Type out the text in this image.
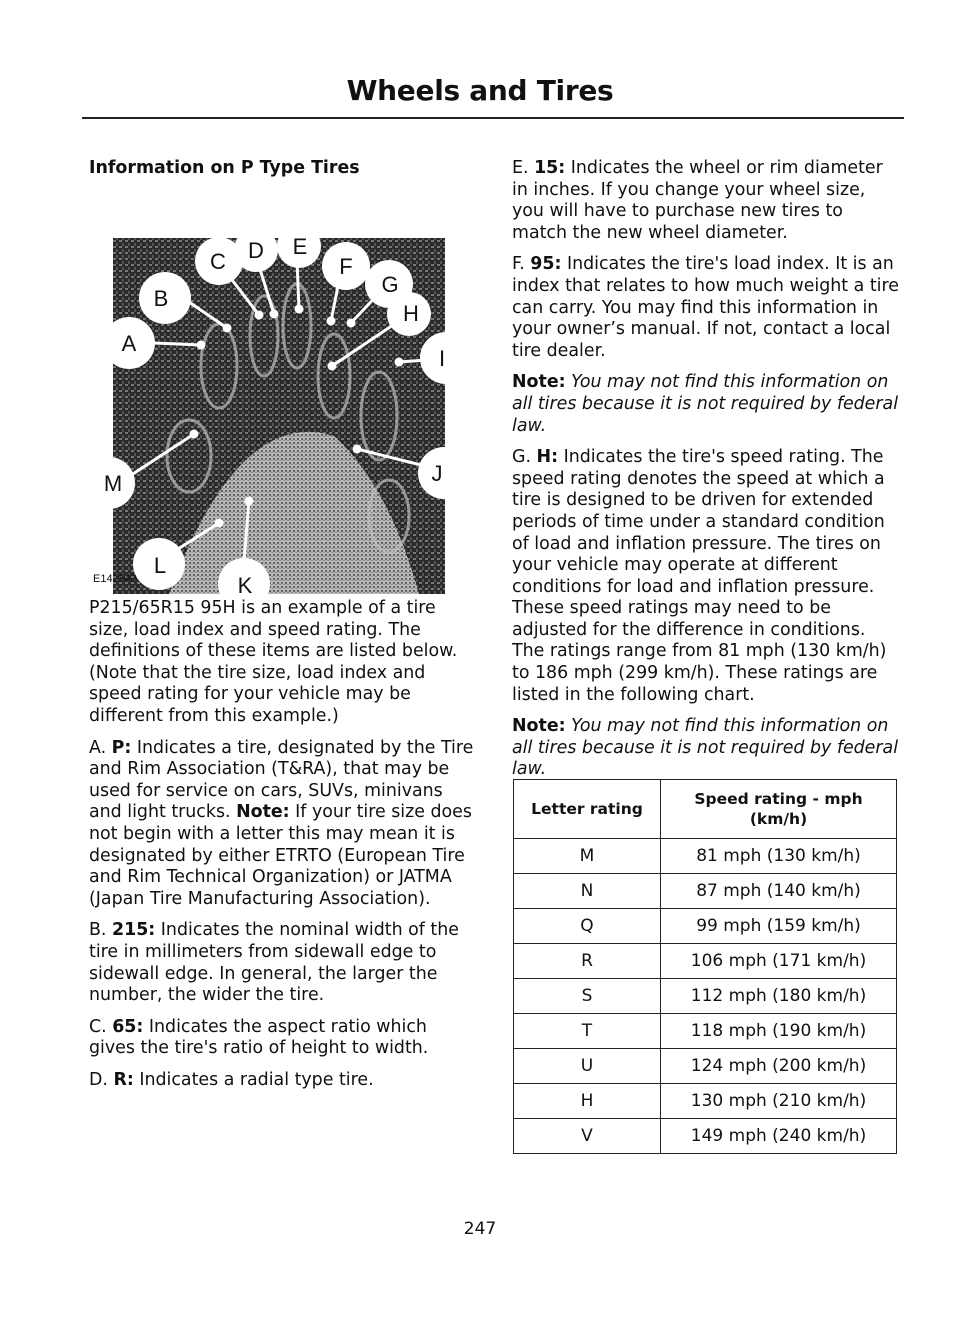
Wheels and Tires
Information on P Type Tires
A
B
C D E
F
G
H
I
J
K
L
M
E142543

P215/65R15 95H is an example of a tire size, load index and speed rating. The definitions of these items are listed below. (Note that the tire size, load index and speed rating for your vehicle may be different from this example.)

A. P: Indicates a tire, designated by the Tire and Rim Association (T&RA), that may be used for service on cars, SUVs, minivans and light trucks. Note: If your tire size does not begin with a letter this may mean it is designated by either ETRTO (European Tire and Rim Technical Organization) or JATMA (Japan Tire Manufacturing Association).

B. 215: Indicates the nominal width of the tire in millimeters from sidewall edge to sidewall edge. In general, the larger the number, the wider the tire.

C. 65: Indicates the aspect ratio which gives the tire's ratio of height to width.

D. R: Indicates a radial type tire.

E. 15: Indicates the wheel or rim diameter in inches. If you change your wheel size, you will have to purchase new tires to match the new wheel diameter.

F. 95: Indicates the tire's load index. It is an index that relates to how much weight a tire can carry. You may find this information in your owner’s manual. If not, contact a local tire dealer.

Note: You may not find this information on all tires because it is not required by federal law.

G. H: Indicates the tire's speed rating. The speed rating denotes the speed at which a tire is designed to be driven for extended periods of time under a standard condition of load and inflation pressure. The tires on your vehicle may operate at different conditions for load and inflation pressure. These speed ratings may need to be adjusted for the difference in conditions. The ratings range from 81 mph (130 km/h) to 186 mph (299 km/h). These ratings are listed in the following chart.

Note: You may not find this information on all tires because it is not required by federal law.

Letter rating	Speed rating - mph (km/h)
M	81 mph (130 km/h)
N	87 mph (140 km/h)
Q	99 mph (159 km/h)
R	106 mph (171 km/h)
S	112 mph (180 km/h)
T	118 mph (190 km/h)
U	124 mph (200 km/h)
H	130 mph (210 km/h)
V	149 mph (240 km/h)
247
